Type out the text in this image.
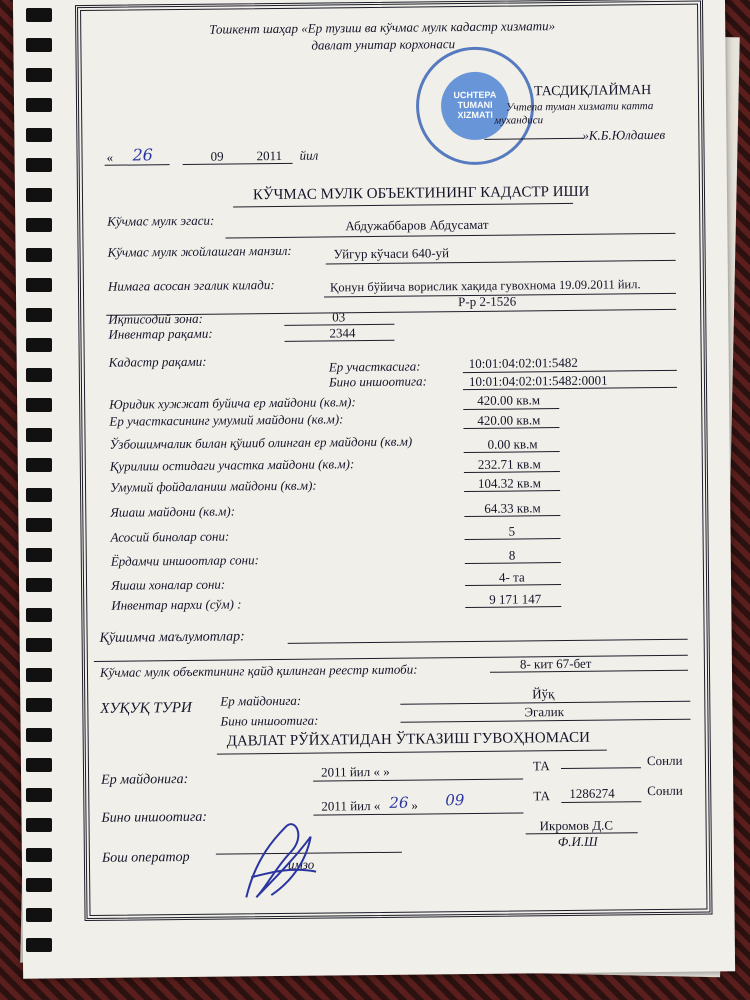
Тошкент шаҳар «Ер тузиш ва кўчмас мулк кадастр хизмати»
давлат унитар корхонаси
UCHTEPA TUMANI XIZMATI
ТАСДИҚЛАЙМАН
Учтепа туман хизмати катта
мухандиси
»К.Б.Юлдашев
« 26	09	2011 йил
КЎЧМАС МУЛК ОБЪЕКТИНИНГ КАДАСТР ИШИ
Кўчмас мулк эгаси:	Абдужаббаров Абдусамат
Кўчмас мулк жойлашган манзил:	Уйгур кўчаси 640-уй
Нимага асосан эгалик килади:	Қонун бўйича ворислик хақида гувохнома 19.09.2011 йил.
Р-р 2-1526
Иқтисодий зона:	03
Инвентар рақами:	2344
Кадастр рақами:	Ер участкасига:	10:01:04:02:01:5482
Бино иншоотига:	10:01:04:02:01:5482:0001
Юридик хужжат буйича ер майдони (кв.м):	420.00 кв.м
Ер участкасининг умумий майдони (кв.м):	420.00 кв.м
Ўзбошимчалик билан қўшиб олинган ер майдони (кв.м)	0.00 кв.м
Қурилиш остидаги участка майдони (кв.м):	232.71 кв.м
Умумий фойдаланиш майдони (кв.м):	104.32 кв.м
Яшаш майдони (кв.м):	64.33 кв.м
Асосий бинолар сони:	5
Ёрдамчи иншоотлар сони:	8
Яшаш хоналар сони:	4- та
Инвентар нархи (сўм) :	9 171 147
Қўшимча маълумотлар:
Кўчмас мулк объектининг қайд қилинган реестр китоби:	8- кит 67-бет
ХУҚУҚ ТУРИ Ер майдонига:	Йўқ
Бино иншоотига:
Эгалик
ДАВЛАТ РЎЙХАТИДАН ЎТКАЗИШ ГУВОҲНОМАСИ
Ер майдонига:
2011 йил « »	ТА	Сонли
Бино иншоотига:
2011 йил « 26 » 09	ТА 1286274 Сонли
Бош оператор	имзо
Икромов Д.С
Ф.И.Ш
